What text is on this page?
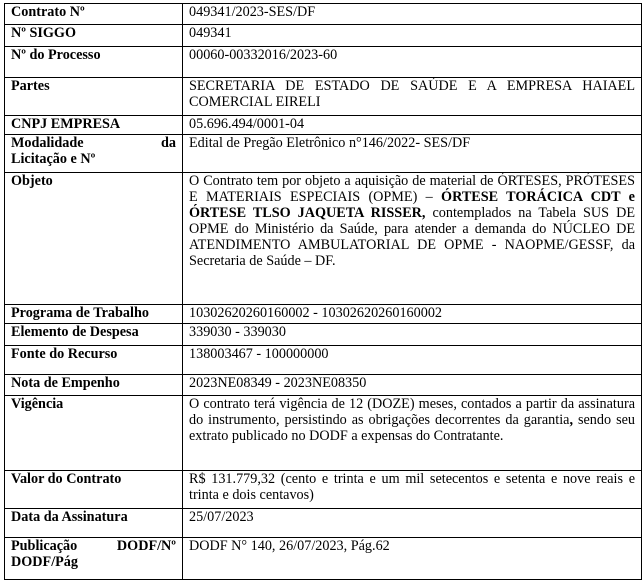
Contrato Nº	049341/2023-SES/DF
Nº SIGGO	049341
Nº do Processo	00060-00332016/2023-60
Partes	SECRETARIA DE ESTADO DE SAÚDE E A EMPRESA HAIAEL COMERCIAL EIRELI
CNPJ EMPRESA	05.696.494/0001-04

Modalidade da
Licitação e Nº	Edital de Pregão Eletrônico n°146/2022- SES/DF
Objeto	O Contrato tem por objeto a aquisição de material de ÓRTESES, PRÓTESES E MATERIAIS ESPECIAIS (OPME) – ÓRTESE TORÁCICA CDT e ÓRTESE TLSO JAQUETA RISSER, contemplados na Tabela SUS DE OPME do Ministério da Saúde, para atender a demanda do NÚCLEO DE ATENDIMENTO AMBULATORIAL DE OPME - NAOPME/GESSF, da Secretaria de Saúde – DF.
Programa de Trabalho	10302620260160002 - 10302620260160002
Elemento de Despesa	339030 - 339030
Fonte do Recurso	138003467 - 100000000
Nota de Empenho	2023NE08349 - 2023NE08350
Vigência	O contrato terá vigência de 12 (DOZE) meses, contados a partir da assinatura do instrumento, persistindo as obrigações decorrentes da garantia, sendo seu extrato publicado no DODF a expensas do Contratante.
Valor do Contrato	R$ 131.779,32 (cento e trinta e um mil setecentos e setenta e nove reais e trinta e dois centavos)
Data da Assinatura	25/07/2023

Publicação DODF/Nº
DODF/Pág	DODF N° 140, 26/07/2023, Pág.62
